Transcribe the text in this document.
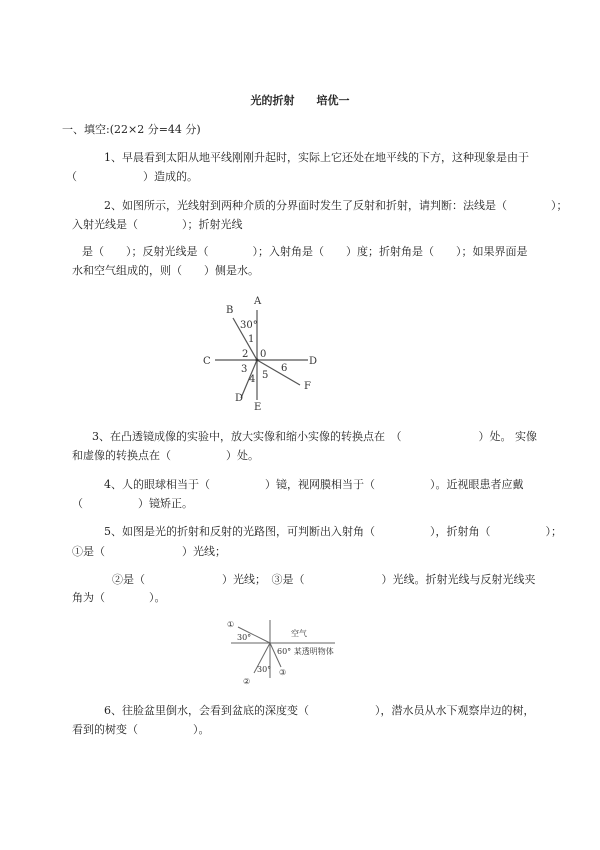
光的折射　　培优一
一、填空:(22×2 分=44 分)
1、早晨看到太阳从地平线刚刚升起时，实际上它还处在地平线的下方，这种现象是由于
（　　　　　　）造成的。
2、如图所示，光线射到两种介质的分界面时发生了反射和折射，请判断：法线是（　　　　）；
入射光线是（　　　　）；折射光线
是（　　）；反射光线是（　　　　）；入射角是（　　）度；折射角是（　　）；如果界面是
水和空气组成的，则（　　）侧是水。
A
B
C	D
D
E
F
0
30°
1
2
3
4 5
6
①
②
③
30°
30°
空气
60° 某透明物体
3、在凸透镜成像的实验中，放大实像和缩小实像的转换点在　（　　　　　　　）处。 实像
和虚像的转换点在（　　　　　）处。
4、人的眼球相当于（　　　　　）镜，视网膜相当于（　　　　　）。近视眼患者应戴
（　　　　　）镜矫正。
5、如图是光的折射和反射的光路图，可判断出入射角（　　　　　），折射角（　　　　　）；
①是（　　　　　　　）光线；
②是（　　　　　　　）光线；　③是（　　　　　　　）光线。折射光线与反射光线夹
角为（　　　　）。
6、往脸盆里倒水，会看到盆底的深度变（　　　　　　），潜水员从水下观察岸边的树，
看到的树变（　　　　　）。
